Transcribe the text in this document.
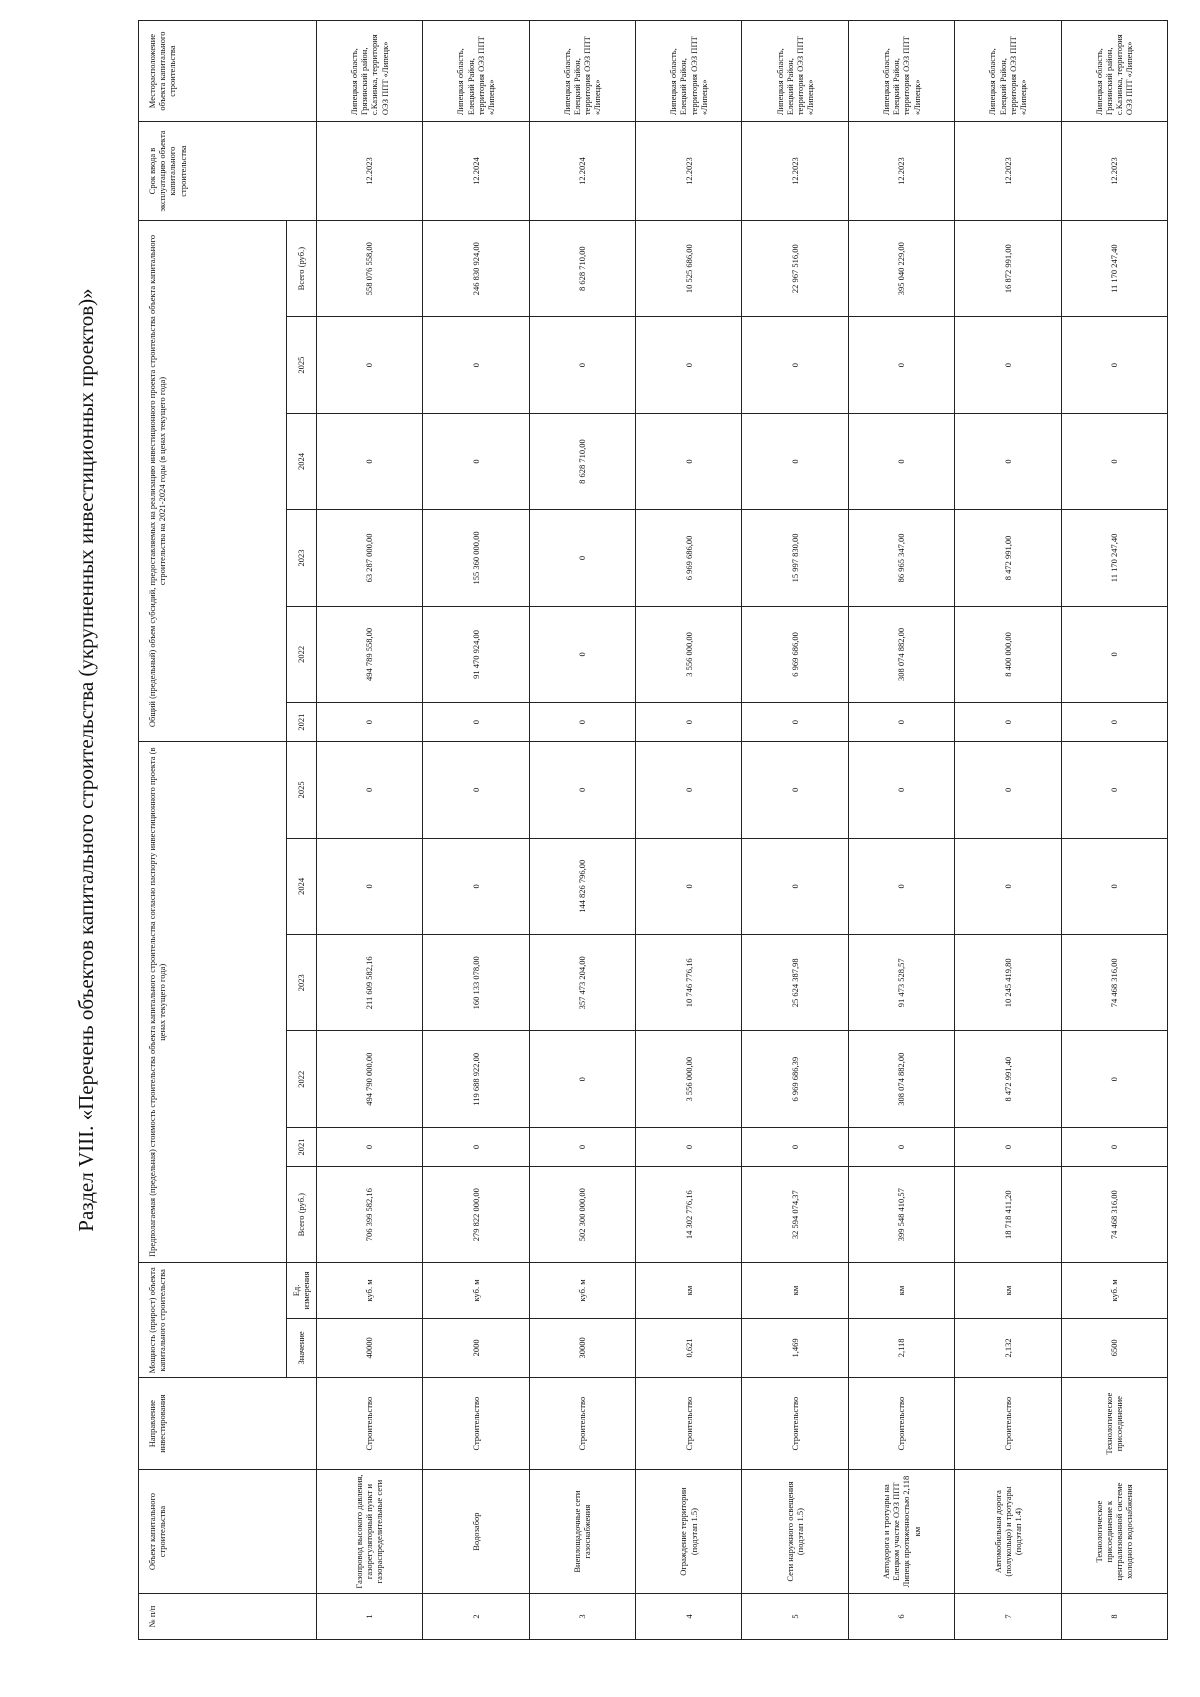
Раздел VIII. «Перечень объектов капитального строительства (укрупненных инвестиционных проектов)»
№ п/п	Объект капитального строительства	Направление инвестирования	Мощность (прирост) объекта капитального строительства		Предполагаемая (предельная) стоимость строительства объекта капитального строительства согласно паспорту инвестиционного проекта (в ценах текущего года)						Общий (предельный) объем субсидий, предоставляемых на реализацию инвестиционного проекта строительства объекта капитального строительства на 2021-2024 годы (в ценах текущего года)						Срок ввода в эксплуатацию объекта капитального строительства	Месторасположение объекта капитального строительства
			Значение	Ед. измерения	Всего (руб.)	2021	2022	2023	2024	2025	2021	2022	2023	2024	2025	Всего (руб.)		
1	Газопровод высокого давления, газорегуляторный пункт и газораспределительные сети	Строительство	40000	куб. м	706 399 582,16	0	494 790 000,00	211 609 582,16	0	0	0	494 789 558,00	63 287 000,00	0	0	558 076 558,00	12.2023	Липецкая область, Грязинский район, с.Казинка, территория ОЭЗ ППТ «Липецк»
2	Водозабор	Строительство	2000	куб. м	279 822 000,00	0	119 688 922,00	160 133 078,00	0	0	0	91 470 924,00	155 360 000,00	0	0	246 830 924,00	12.2024	Липецкая область, Елецкий Район, территория ОЭЗ ППТ «Липецк»
3	Внеплощадочные сети газоснабжения	Строительство	30000	куб. м	502 300 000,00	0	0	357 473 204,00	144 826 796,00	0	0	0	0	8 628 710,00	0	8 628 710,00	12.2024	Липецкая область, Елецкий Район, территория ОЭЗ ППТ «Липецк»
4	Ограждение территории (подэтап 1.5)	Строительство	0,621	км	14 302 776,16	0	3 556 000,00	10 746 776,16	0	0	0	3 556 000,00	6 969 686,00	0	0	10 525 686,00	12.2023	Липецкая область, Елецкий Район, территория ОЭЗ ППТ «Липецк»
5	Сети наружного освещения (подэтап 1.5)	Строительство	1,469	км	32 594 074,37	0	6 969 686,39	25 624 387,98	0	0	0	6 969 686,00	15 997 830,00	0	0	22 967 516,00	12.2023	Липецкая область, Елецкий Район, территория ОЭЗ ППТ «Липецк»
6	Автодорога и тротуары на Елецком участке ОЭЗ ППТ Липецк протяженностью 2,118 км	Строительство	2,118	км	399 548 410,57	0	308 074 882,00	91 473 528,57	0	0	0	308 074 882,00	86 965 347,00	0	0	395 040 229,00	12.2023	Липецкая область, Елецкий Район, территория ОЭЗ ППТ «Липецк»
7	Автомобильная дорога (полукольцо) и тротуары (подэтап 1.4)	Строительство	2,132	км	18 718 411,20	0	8 472 991,40	10 245 419,80	0	0	0	8 400 000,00	8 472 991,00	0	0	16 872 991,00	12.2023	Липецкая область, Елецкий Район, территория ОЭЗ ППТ «Липецк»
8	Технологическое присоединение к централизованной системе холодного водоснабжения	Технологическое присоединение	6500	куб. м	74 468 316,00	0	0	74 468 316,00	0	0	0	0	11 170 247,40	0	0	11 170 247,40	12.2023	Липецкая область, Грязинский район, с.Казинка, территория ОЭЗ ППТ «Липецк»
